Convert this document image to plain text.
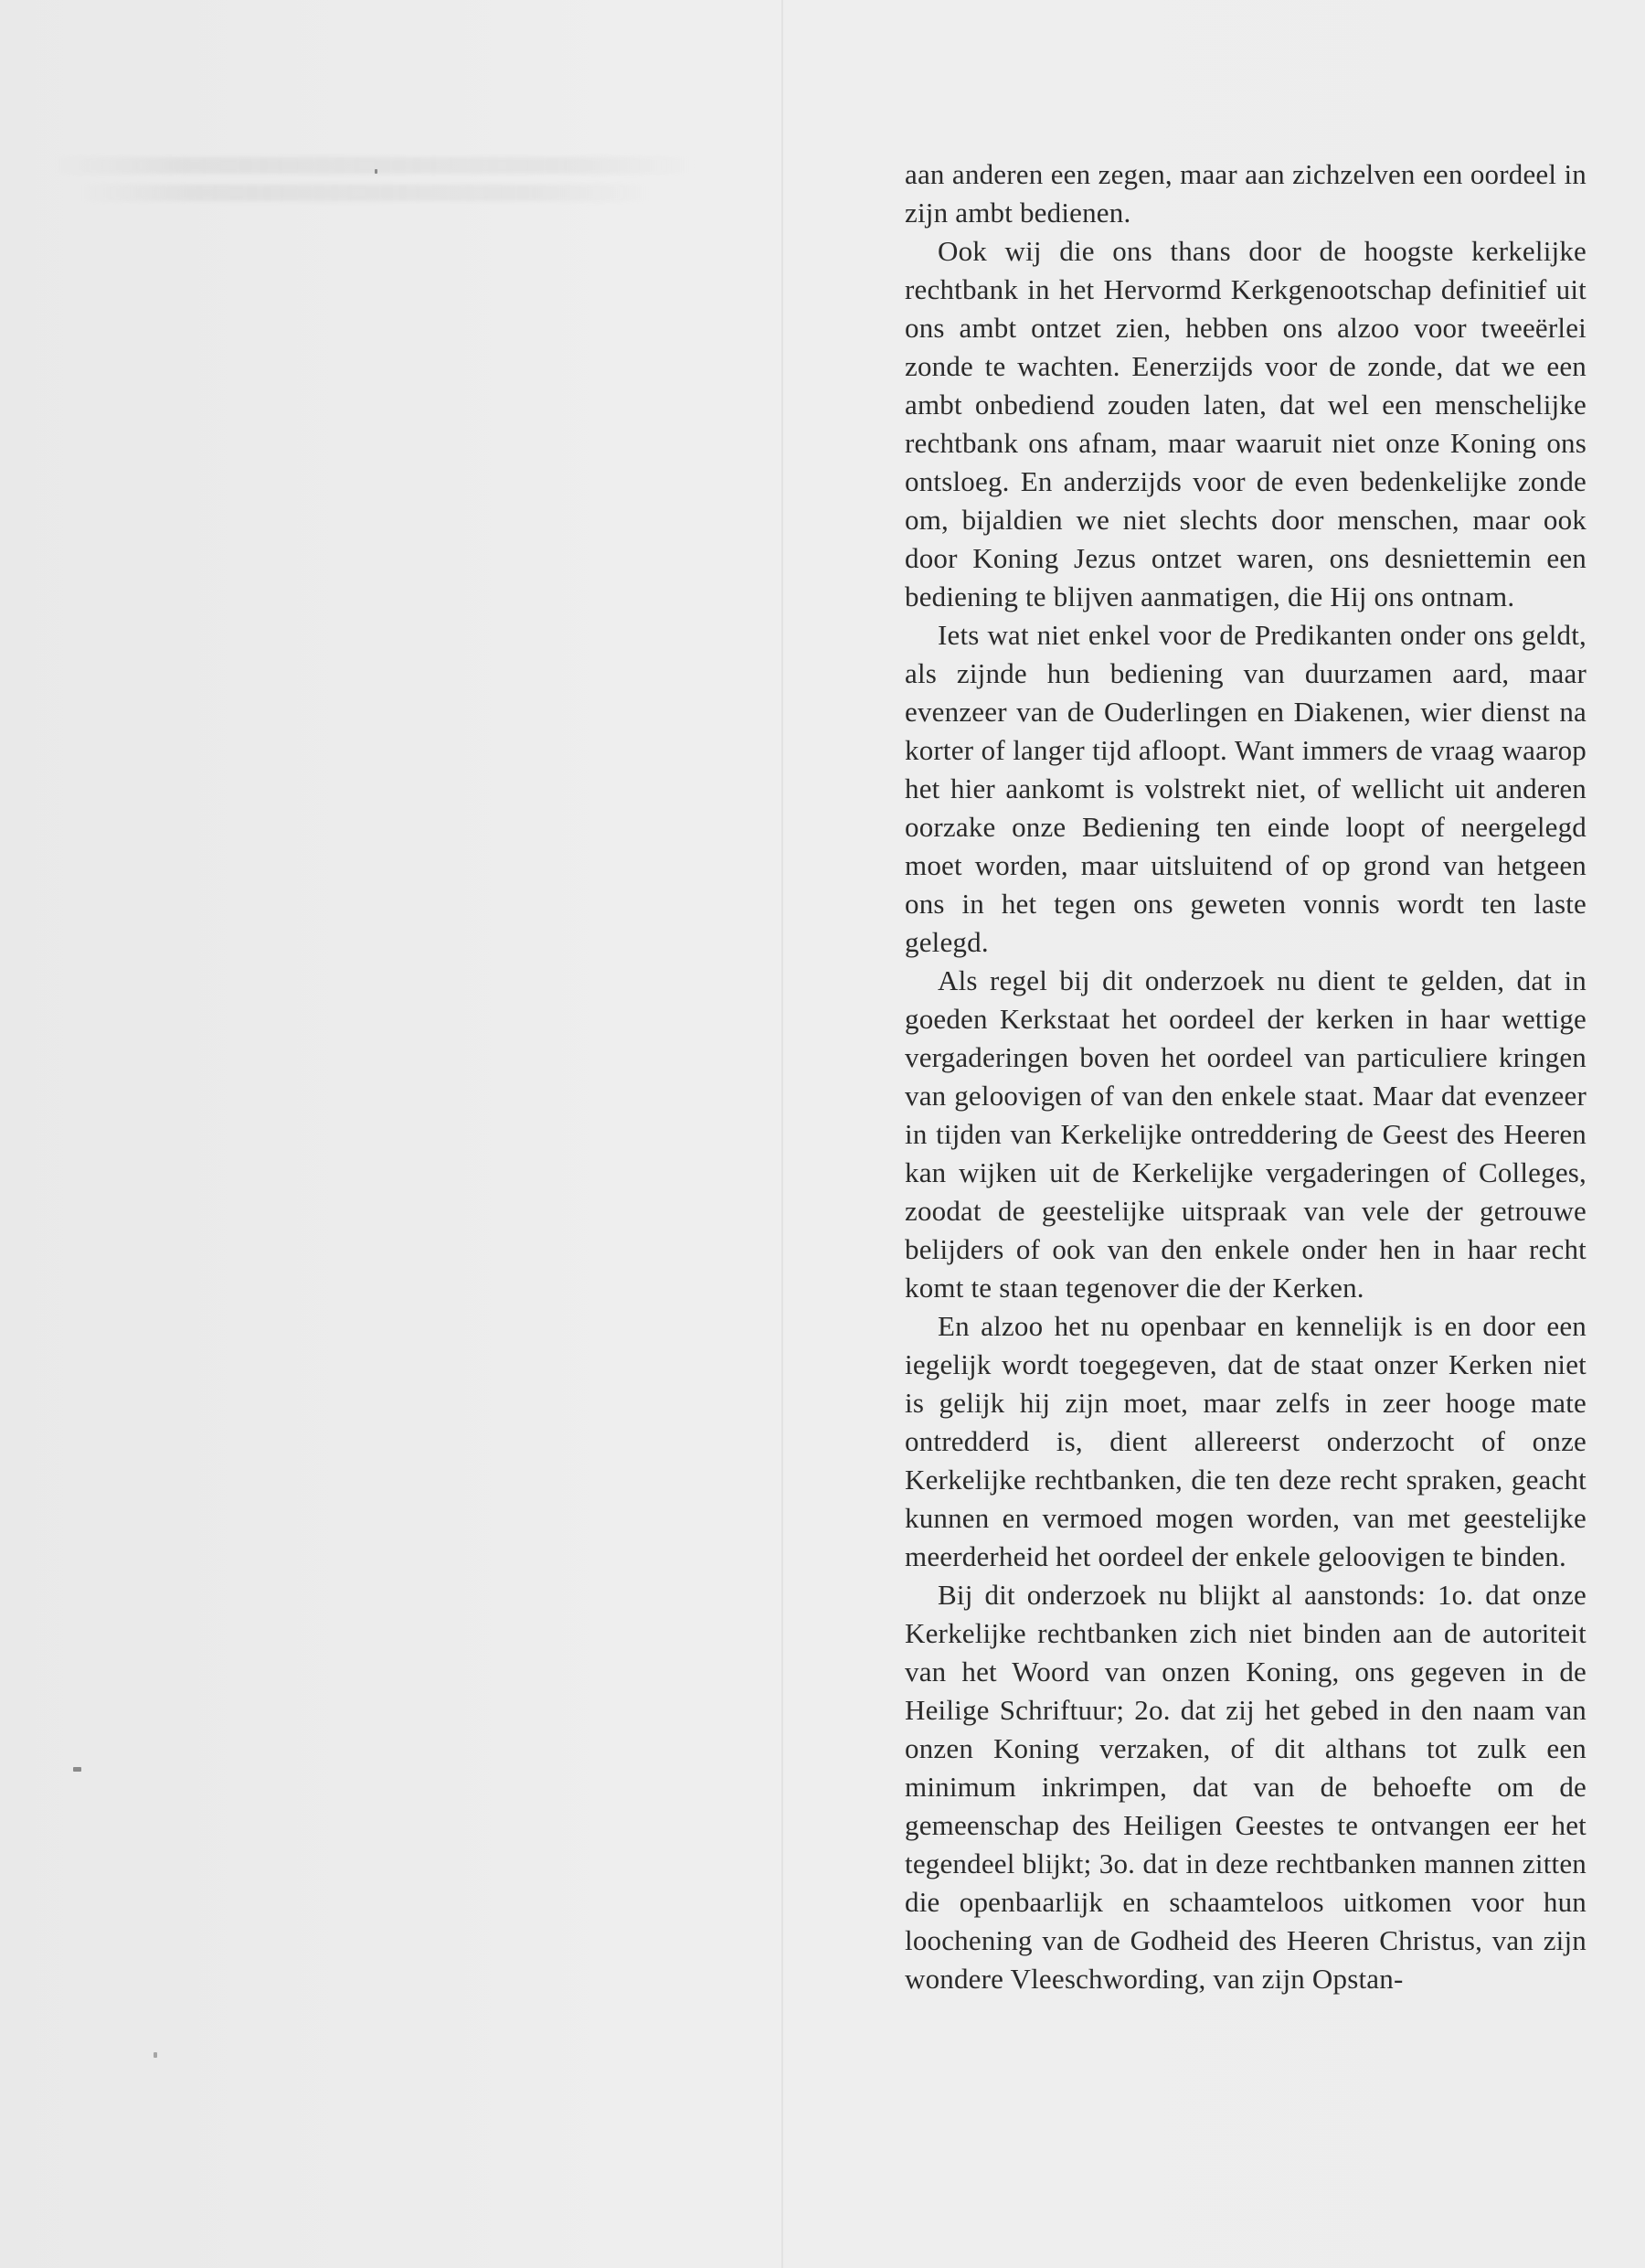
aan anderen een zegen, maar aan zichzelven een oordeel in zijn ambt bedienen.

Ook wij die ons thans door de hoogste kerkelijke rechtbank in het Hervormd Kerkgenootschap definitief uit ons ambt ontzet zien, hebben ons alzoo voor tweeërlei zonde te wachten. Eenerzijds voor de zonde, dat we een ambt onbediend zouden laten, dat wel een menschelijke rechtbank ons afnam, maar waaruit niet onze Koning ons ontsloeg. En anderzijds voor de even bedenkelijke zonde om, bijaldien we niet slechts door menschen, maar ook door Koning Jezus ontzet waren, ons desniettemin een bediening te blijven aanmatigen, die Hij ons ontnam.

Iets wat niet enkel voor de Predikanten onder ons geldt, als zijnde hun bediening van duurzamen aard, maar evenzeer van de Ouderlingen en Diakenen, wier dienst na korter of langer tijd afloopt. Want immers de vraag waarop het hier aankomt is volstrekt niet, of wellicht uit anderen oorzake onze Bediening ten einde loopt of neergelegd moet worden, maar uitsluitend of op grond van hetgeen ons in het tegen ons geweten vonnis wordt ten laste gelegd.

Als regel bij dit onderzoek nu dient te gelden, dat in goeden Kerkstaat het oordeel der kerken in haar wettige vergaderingen boven het oordeel van particuliere kringen van geloovigen of van den enkele staat. Maar dat evenzeer in tijden van Kerkelijke ontreddering de Geest des Heeren kan wijken uit de Kerkelijke vergaderingen of Colleges, zoodat de geestelijke uitspraak van vele der getrouwe belijders of ook van den enkele onder hen in haar recht komt te staan tegenover die der Kerken.

En alzoo het nu openbaar en kennelijk is en door een iegelijk wordt toegegeven, dat de staat onzer Kerken niet is gelijk hij zijn moet, maar zelfs in zeer hooge mate ontredderd is, dient allereerst onderzocht of onze Kerkelijke rechtbanken, die ten deze recht spraken, geacht kunnen en vermoed mogen worden, van met geestelijke meerderheid het oordeel der enkele geloovigen te binden.

Bij dit onderzoek nu blijkt al aanstonds: 1o. dat onze Kerkelijke rechtbanken zich niet binden aan de autoriteit van het Woord van onzen Koning, ons gegeven in de Heilige Schriftuur; 2o. dat zij het gebed in den naam van onzen Koning verzaken, of dit althans tot zulk een minimum inkrimpen, dat van de behoefte om de gemeenschap des Heiligen Geestes te ontvangen eer het tegendeel blijkt; 3o. dat in deze rechtbanken mannen zitten die openbaarlijk en schaamteloos uitkomen voor hun loochening van de Godheid des Heeren Christus, van zijn wondere Vleeschwording, van zijn Opstan-
